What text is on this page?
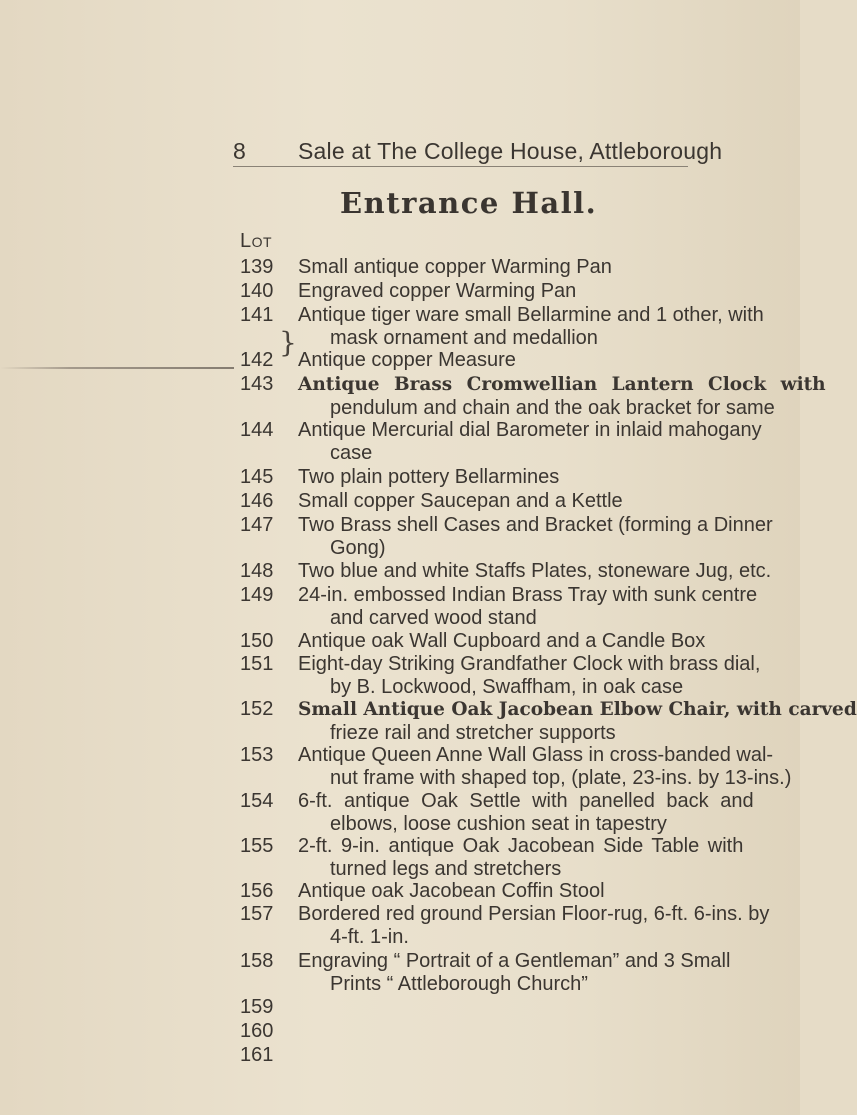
8 Sale at The College House, Attleborough
Entrance Hall.
Lot
}
139
140
141
142
143
144
145
146
147
148
149
150
151
152
153
154
155
156
157
158
159
160
161
Small antique copper Warming Pan
Engraved copper Warming Pan
Antique tiger ware small Bellarmine and 1 other, with
mask ornament and medallion
Antique copper Measure
Antique Brass Cromwellian Lantern Clock with
pendulum and chain and the oak bracket for same
Antique Mercurial dial Barometer in inlaid mahogany
case
Two plain pottery Bellarmines
Small copper Saucepan and a Kettle
Two Brass shell Cases and Bracket (forming a Dinner
Gong)
Two blue and white Staffs Plates, stoneware Jug, etc.
24-in. embossed Indian Brass Tray with sunk centre
and carved wood stand
Antique oak Wall Cupboard and a Candle Box
Eight-day Striking Grandfather Clock with brass dial,
by B. Lockwood, Swaffham, in oak case
Small Antique Oak Jacobean Elbow Chair, with carved
frieze rail and stretcher supports
Antique Queen Anne Wall Glass in cross-banded wal-
nut frame with shaped top, (plate, 23-ins. by 13-ins.)
6-ft. antique Oak Settle with panelled back and
elbows, loose cushion seat in tapestry
2-ft. 9-in. antique Oak Jacobean Side Table with
turned legs and stretchers
Antique oak Jacobean Coffin Stool
Bordered red ground Persian Floor-rug, 6-ft. 6-ins. by
4-ft. 1-in.
Engraving “ Portrait of a Gentleman” and 3 Small
Prints “ Attleborough Church”
